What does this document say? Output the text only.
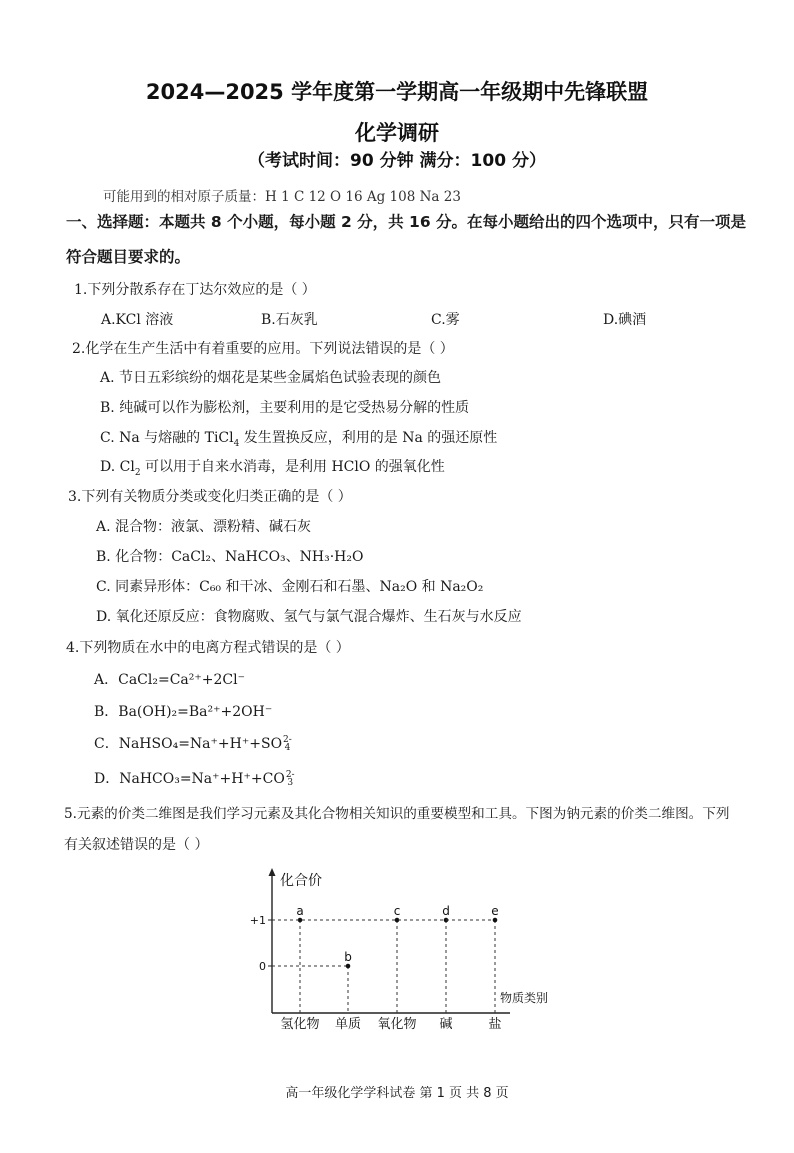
2024—2025 学年度第一学期高一年级期中先锋联盟
化学调研
（考试时间：90 分钟 满分：100 分）
可能用到的相对原子质量：H 1 C 12 O 16 Ag 108 Na 23
一、选择题：本题共 8 个小题，每小题 2 分，共 16 分。在每小题给出的四个选项中，只有一项是
符合题目要求的。
1.下列分散系存在丁达尔效应的是（ ）
A.KCl 溶液	B.石灰乳	C.雾	D.碘酒
2.化学在生产生活中有着重要的应用。下列说法错误的是（ ）
A. 节日五彩缤纷的烟花是某些金属焰色试验表现的颜色
B. 纯碱可以作为膨松剂，主要利用的是它受热易分解的性质
C. Na 与熔融的 TiCl$_4$ 发生置换反应，利用的是 Na 的强还原性
D. $Cl_2$ 可以用于自来水消毒，是利用 HClO 的强氧化性
3.下列有关物质分类或变化归类正确的是（ ）
A. 混合物：液氯、漂粉精、碱石灰
B. 化合物：CaCl₂、NaHCO₃、NH₃·H₂O
C. 同素异形体：C₆₀ 和干冰、金刚石和石墨、Na₂O 和 Na₂O₂
D. 氧化还原反应：食物腐败、氢气与氯气混合爆炸、生石灰与水反应
4.下列物质在水中的电离方程式错误的是（ ）
A．CaCl₂=Ca²⁺+2Cl⁻
B．Ba(OH)₂=Ba²⁺+2OH⁻
C．NaHSO₄=Na⁺+H⁺+SO2-
4
D．NaHCO₃=Na⁺+H⁺+CO2-
3
5.元素的价类二维图是我们学习元素及其化合物相关知识的重要模型和工具。下图为钠元素的价类二维图。下列
有关叙述错误的是（ ）
化合价
物质类别
+1
0
氢化物 单质 氧化物 碱	盐
a
b
c	d	e
高一年级化学学科试卷 第 1 页 共 8 页
